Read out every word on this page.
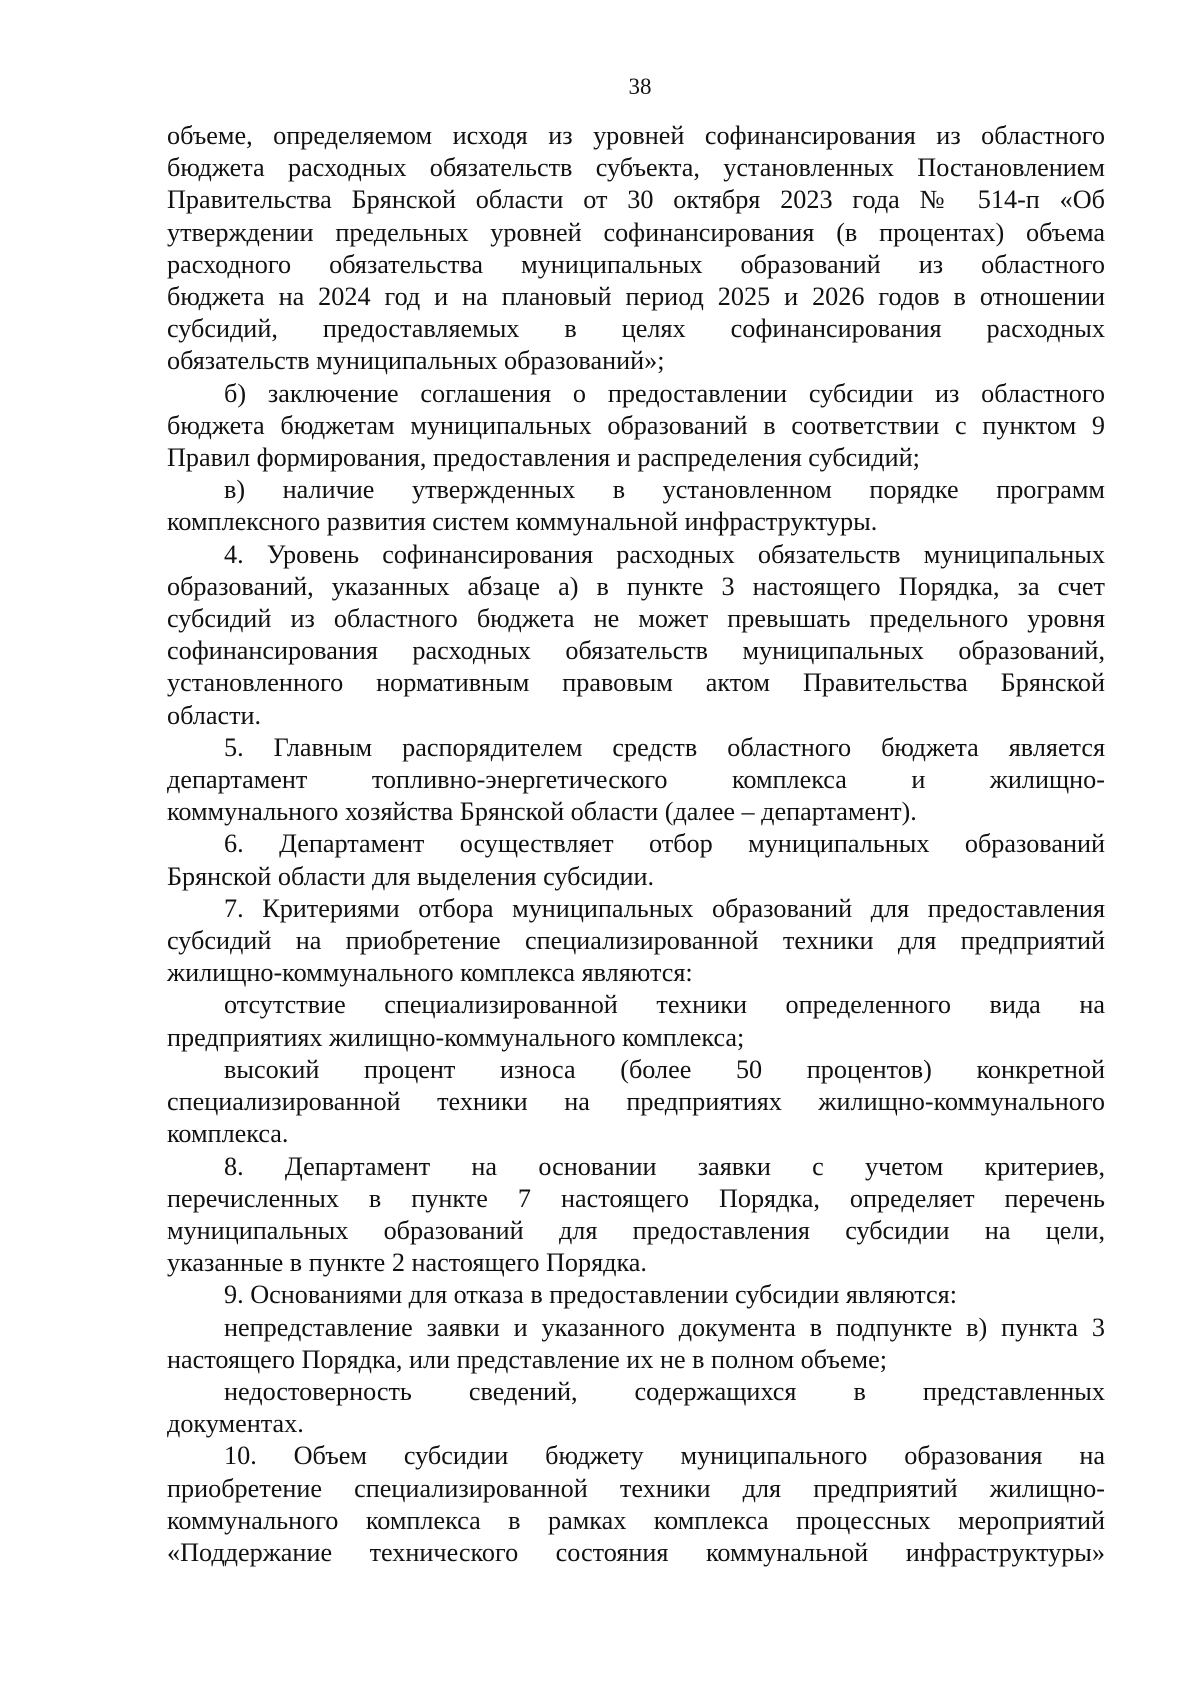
38

объеме, определяемом исходя из уровней софинансирования из областного

бюджета расходных обязательств субъекта, установленных Постановлением

Правительства Брянской области от 30 октября 2023 года № 514-п «Об

утверждении предельных уровней софинансирования (в процентах) объема

расходного обязательства муниципальных образований из областного

бюджета на 2024 год и на плановый период 2025 и 2026 годов в отношении

субсидий, предоставляемых в целях софинансирования расходных

обязательств муниципальных образований»;

б) заключение соглашения о предоставлении субсидии из областного

бюджета бюджетам муниципальных образований в соответствии с пунктом 9

Правил формирования, предоставления и распределения субсидий;

в) наличие утвержденных в установленном порядке программ

комплексного развития систем коммунальной инфраструктуры.

4. Уровень софинансирования расходных обязательств муниципальных

образований, указанных абзаце а) в пункте 3 настоящего Порядка, за счет

субсидий из областного бюджета не может превышать предельного уровня

софинансирования расходных обязательств муниципальных образований,

установленного нормативным правовым актом Правительства Брянской

области.

5. Главным распорядителем средств областного бюджета является

департамент топливно-энергетического комплекса и жилищно-

коммунального хозяйства Брянской области (далее – департамент).

6. Департамент осуществляет отбор муниципальных образований

Брянской области для выделения субсидии.

7. Критериями отбора муниципальных образований для предоставления

субсидий на приобретение специализированной техники для предприятий

жилищно-коммунального комплекса являются:

отсутствие специализированной техники определенного вида на

предприятиях жилищно-коммунального комплекса;

высокий процент износа (более 50 процентов) конкретной

специализированной техники на предприятиях жилищно-коммунального

комплекса.

8. Департамент на основании заявки с учетом критериев,

перечисленных в пункте 7 настоящего Порядка, определяет перечень

муниципальных образований для предоставления субсидии на цели,

указанные в пункте 2 настоящего Порядка.

9. Основаниями для отказа в предоставлении субсидии являются:

непредставление заявки и указанного документа в подпункте в) пункта 3

настоящего Порядка, или представление их не в полном объеме;

недостоверность сведений, содержащихся в представленных

документах.

10. Объем субсидии бюджету муниципального образования на

приобретение специализированной техники для предприятий жилищно-

коммунального комплекса в рамках комплекса процессных мероприятий

«Поддержание технического состояния коммунальной инфраструктуры»
